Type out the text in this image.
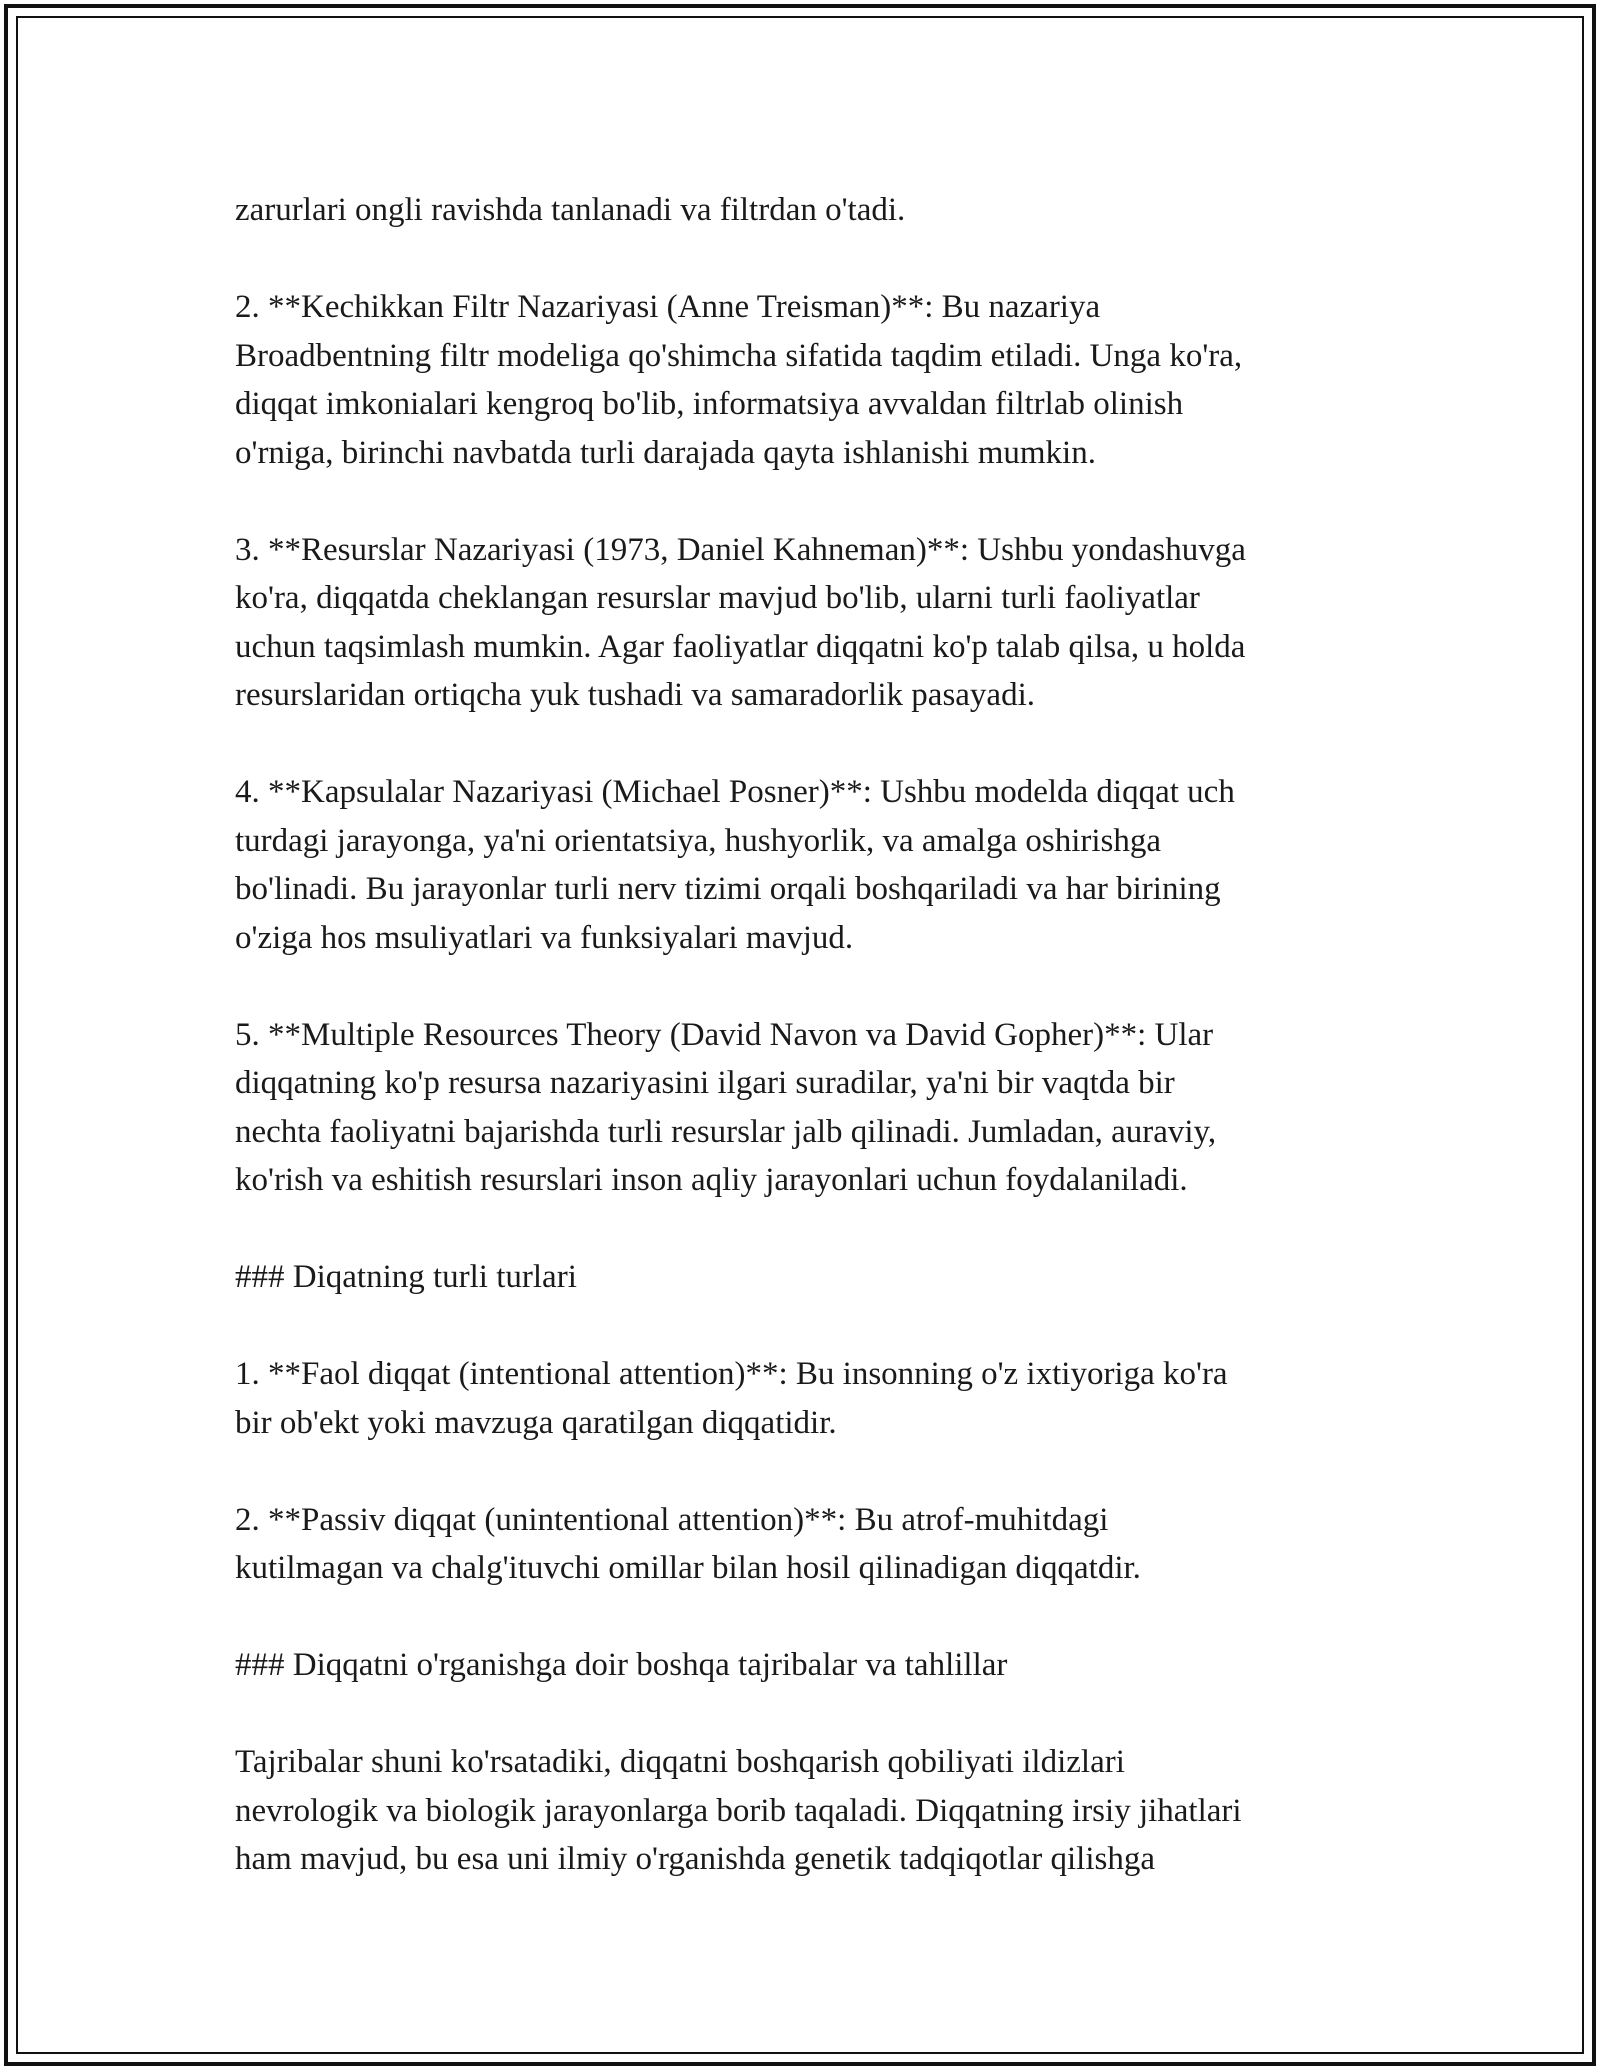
zarurlari ongli ravishda tanlanadi va filtrdan o'tadi.
2. **Kechikkan Filtr Nazariyasi (Anne Treisman)**: Bu nazariya
Broadbentning filtr modeliga qo'shimcha sifatida taqdim etiladi. Unga ko'ra,
diqqat imkonialari kengroq bo'lib, informatsiya avvaldan filtrlab olinish
o'rniga, birinchi navbatda turli darajada qayta ishlanishi mumkin.
3. **Resurslar Nazariyasi (1973, Daniel Kahneman)**: Ushbu yondashuvga
ko'ra, diqqatda cheklangan resurslar mavjud bo'lib, ularni turli faoliyatlar
uchun taqsimlash mumkin. Agar faoliyatlar diqqatni ko'p talab qilsa, u holda
resurslaridan ortiqcha yuk tushadi va samaradorlik pasayadi.
4. **Kapsulalar Nazariyasi (Michael Posner)**: Ushbu modelda diqqat uch
turdagi jarayonga, ya'ni orientatsiya, hushyorlik, va amalga oshirishga
bo'linadi. Bu jarayonlar turli nerv tizimi orqali boshqariladi va har birining
o'ziga hos msuliyatlari va funksiyalari mavjud.
5. **Multiple Resources Theory (David Navon va David Gopher)**: Ular
diqqatning ko'p resursa nazariyasini ilgari suradilar, ya'ni bir vaqtda bir
nechta faoliyatni bajarishda turli resurslar jalb qilinadi. Jumladan, auraviy,
ko'rish va eshitish resurslari inson aqliy jarayonlari uchun foydalaniladi.
### Diqatning turli turlari
1. **Faol diqqat (intentional attention)**: Bu insonning o'z ixtiyoriga ko'ra
bir ob'ekt yoki mavzuga qaratilgan diqqatidir.
2. **Passiv diqqat (unintentional attention)**: Bu atrof-muhitdagi
kutilmagan va chalg'ituvchi omillar bilan hosil qilinadigan diqqatdir.
### Diqqatni o'rganishga doir boshqa tajribalar va tahlillar
Tajribalar shuni ko'rsatadiki, diqqatni boshqarish qobiliyati ildizlari
nevrologik va biologik jarayonlarga borib taqaladi. Diqqatning irsiy jihatlari
ham mavjud, bu esa uni ilmiy o'rganishda genetik tadqiqotlar qilishga
